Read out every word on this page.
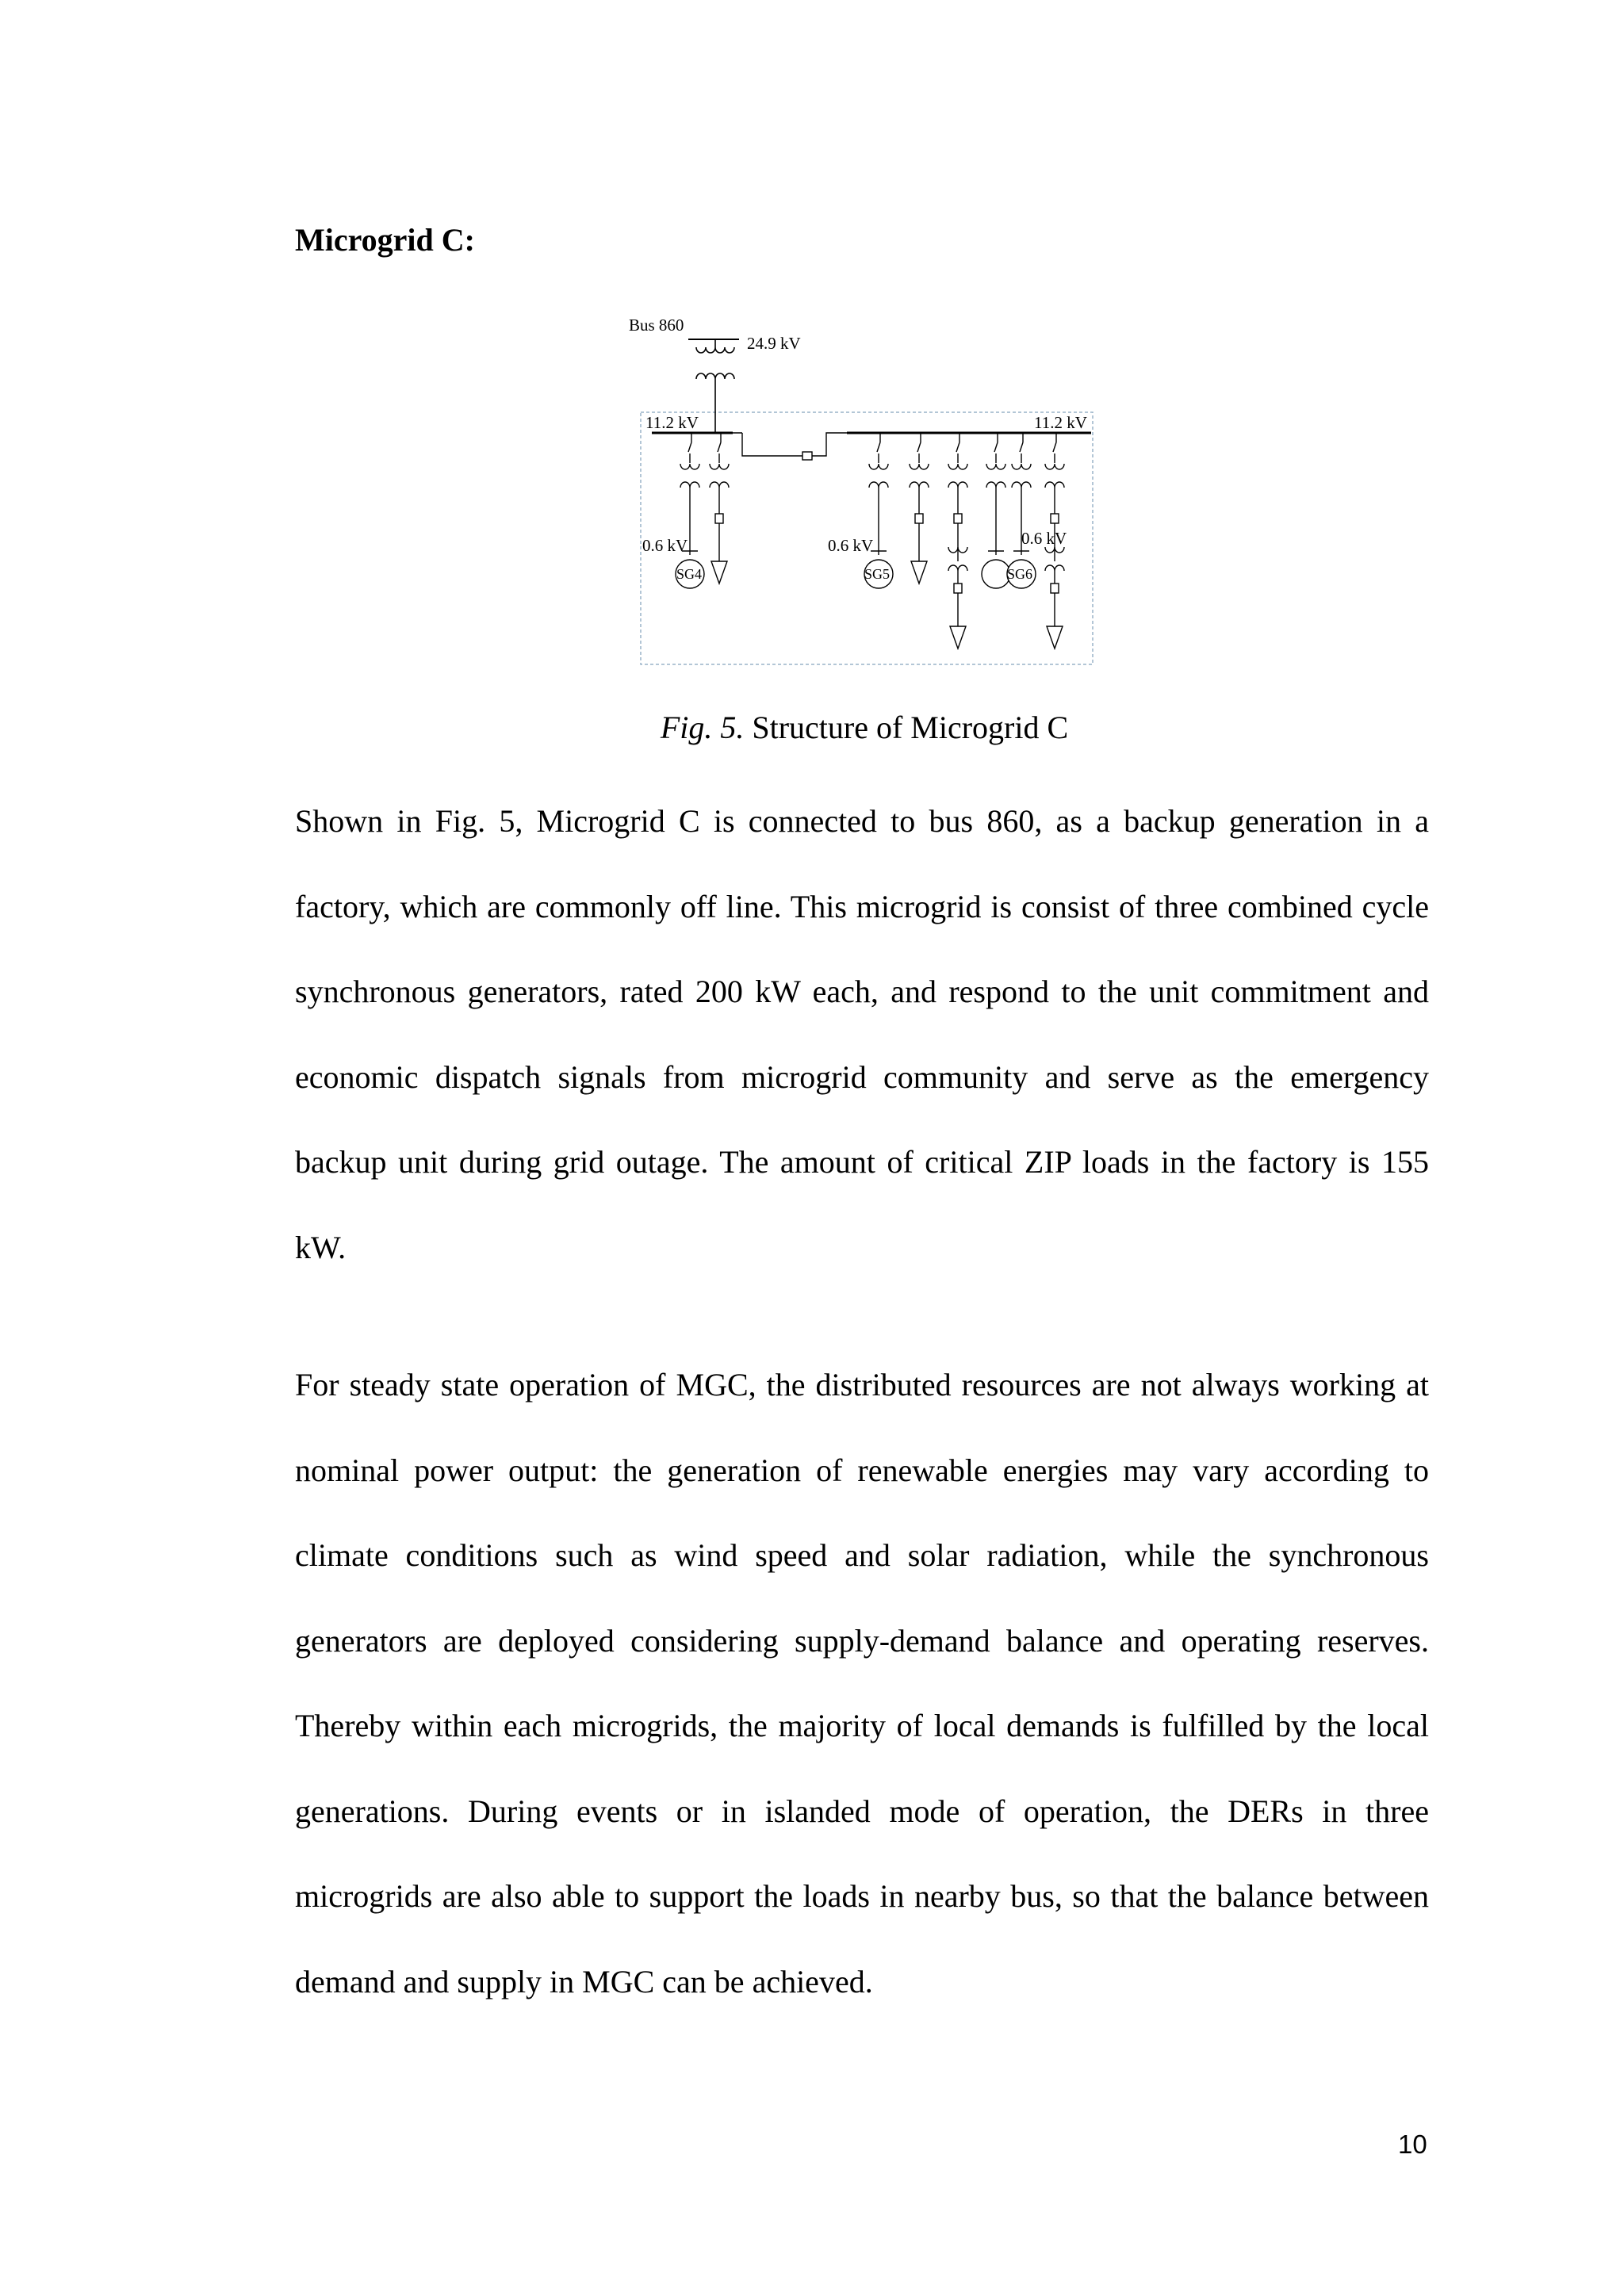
Microgrid C:
Bus 860
24.9 kV
11.2 kV	11.2 kV
0.6 kV	0.6 kV	0.6 kV
SG4	SG5	SG6
Fig. 5. Structure of Microgrid C

Shown in Fig. 5, Microgrid C is connected to bus 860, as a backup generation in a factory, which are commonly off line. This microgrid is consist of three combined cycle synchronous generators, rated 200 kW each, and respond to the unit commitment and economic dispatch signals from microgrid community and serve as the emergency backup unit during grid outage. The amount of critical ZIP loads in the factory is 155 kW.

For steady state operation of MGC, the distributed resources are not always working at nominal power output: the generation of renewable energies may vary according to climate conditions such as wind speed and solar radiation, while the synchronous generators are deployed considering supply-demand balance and operating reserves. Thereby within each microgrids, the majority of local demands is fulfilled by the local generations. During events or in islanded mode of operation, the DERs in three microgrids are also able to support the loads in nearby bus, so that the balance between demand and supply in MGC can be achieved.

10
